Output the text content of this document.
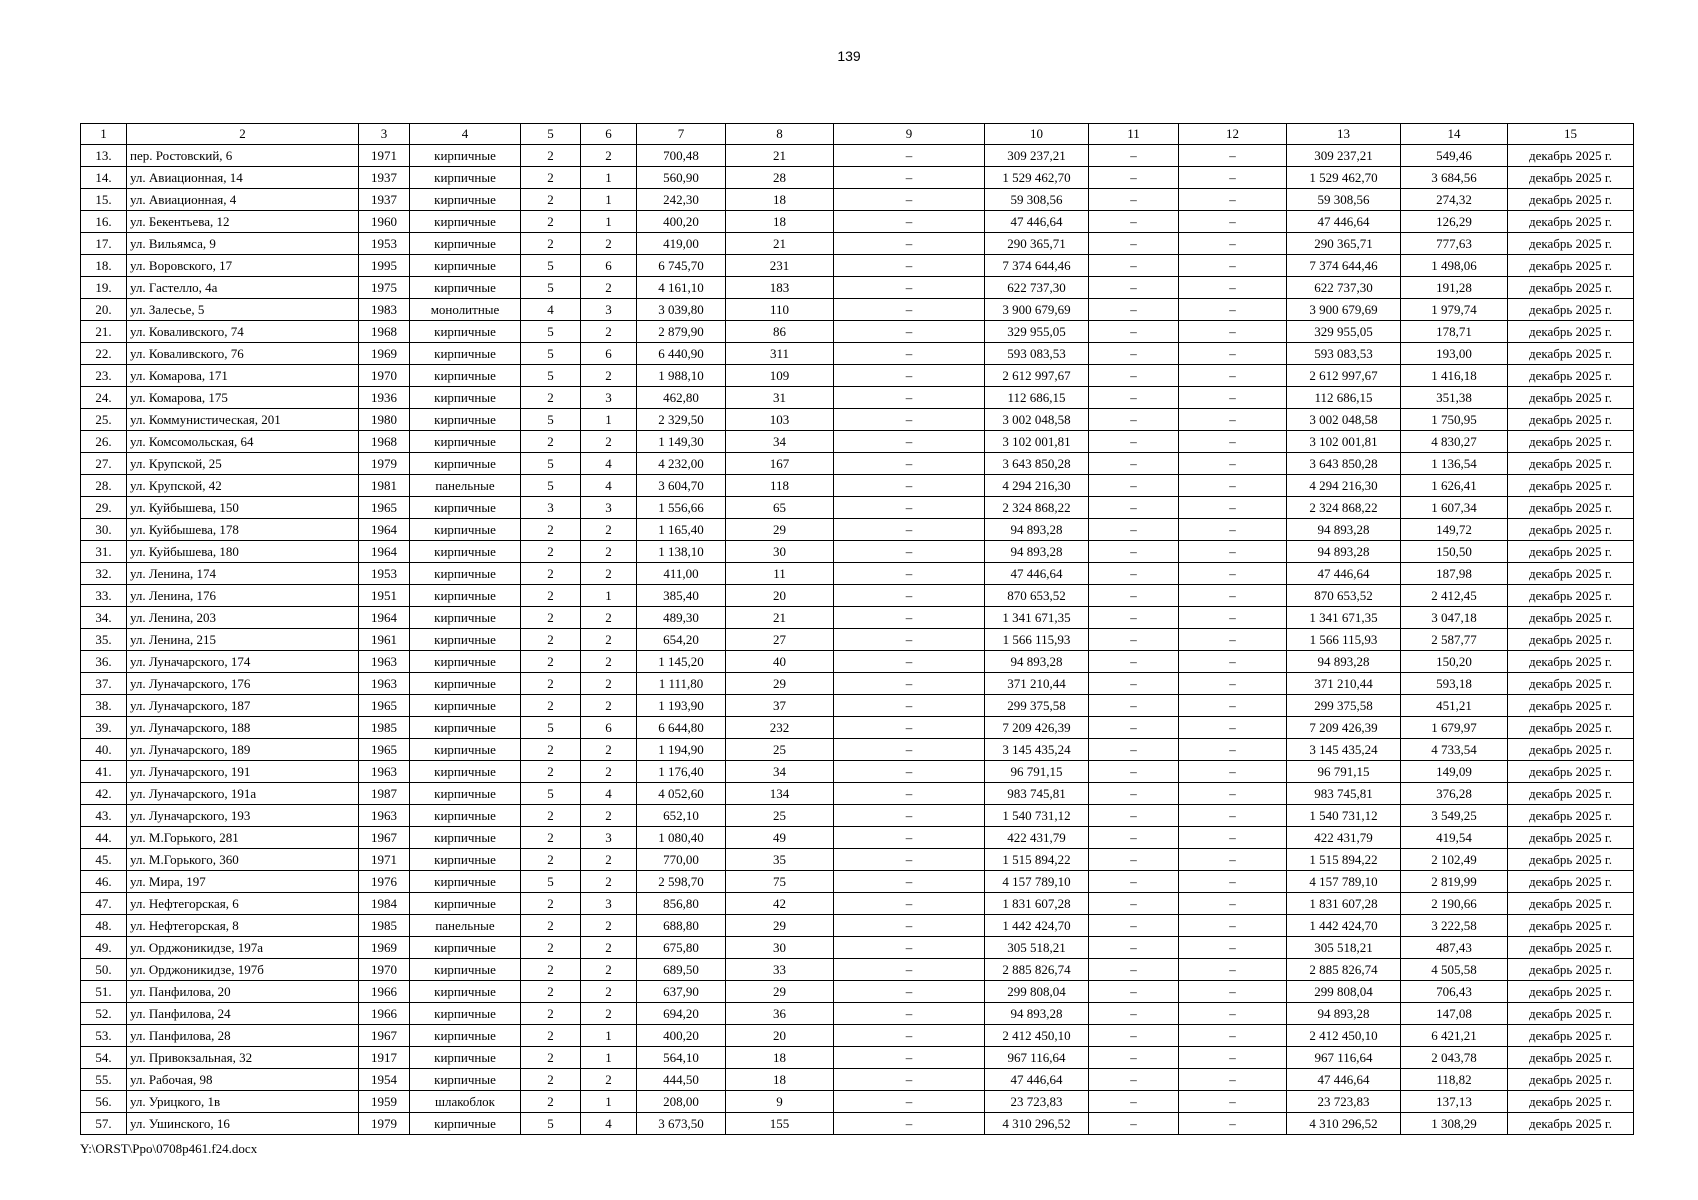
139
1	2	3	4	5	6	7	8	9	10	11	12	13	14	15
13.	пер. Ростовский, 6	1971	кирпичные	2	2	700,48	21	–	309 237,21	–	–	309 237,21	549,46	декабрь 2025 г.
14.	ул. Авиационная, 14	1937	кирпичные	2	1	560,90	28	–	1 529 462,70	–	–	1 529 462,70	3 684,56	декабрь 2025 г.
15.	ул. Авиационная, 4	1937	кирпичные	2	1	242,30	18	–	59 308,56	–	–	59 308,56	274,32	декабрь 2025 г.
16.	ул. Бекентьева, 12	1960	кирпичные	2	1	400,20	18	–	47 446,64	–	–	47 446,64	126,29	декабрь 2025 г.
17.	ул. Вильямса, 9	1953	кирпичные	2	2	419,00	21	–	290 365,71	–	–	290 365,71	777,63	декабрь 2025 г.
18.	ул. Воровского, 17	1995	кирпичные	5	6	6 745,70	231	–	7 374 644,46	–	–	7 374 644,46	1 498,06	декабрь 2025 г.
19.	ул. Гастелло, 4а	1975	кирпичные	5	2	4 161,10	183	–	622 737,30	–	–	622 737,30	191,28	декабрь 2025 г.
20.	ул. Залесье, 5	1983	монолитные	4	3	3 039,80	110	–	3 900 679,69	–	–	3 900 679,69	1 979,74	декабрь 2025 г.
21.	ул. Коваливского, 74	1968	кирпичные	5	2	2 879,90	86	–	329 955,05	–	–	329 955,05	178,71	декабрь 2025 г.
22.	ул. Коваливского, 76	1969	кирпичные	5	6	6 440,90	311	–	593 083,53	–	–	593 083,53	193,00	декабрь 2025 г.
23.	ул. Комарова, 171	1970	кирпичные	5	2	1 988,10	109	–	2 612 997,67	–	–	2 612 997,67	1 416,18	декабрь 2025 г.
24.	ул. Комарова, 175	1936	кирпичные	2	3	462,80	31	–	112 686,15	–	–	112 686,15	351,38	декабрь 2025 г.
25.	ул. Коммунистическая, 201	1980	кирпичные	5	1	2 329,50	103	–	3 002 048,58	–	–	3 002 048,58	1 750,95	декабрь 2025 г.
26.	ул. Комсомольская, 64	1968	кирпичные	2	2	1 149,30	34	–	3 102 001,81	–	–	3 102 001,81	4 830,27	декабрь 2025 г.
27.	ул. Крупской, 25	1979	кирпичные	5	4	4 232,00	167	–	3 643 850,28	–	–	3 643 850,28	1 136,54	декабрь 2025 г.
28.	ул. Крупской, 42	1981	панельные	5	4	3 604,70	118	–	4 294 216,30	–	–	4 294 216,30	1 626,41	декабрь 2025 г.
29.	ул. Куйбышева, 150	1965	кирпичные	3	3	1 556,66	65	–	2 324 868,22	–	–	2 324 868,22	1 607,34	декабрь 2025 г.
30.	ул. Куйбышева, 178	1964	кирпичные	2	2	1 165,40	29	–	94 893,28	–	–	94 893,28	149,72	декабрь 2025 г.
31.	ул. Куйбышева, 180	1964	кирпичные	2	2	1 138,10	30	–	94 893,28	–	–	94 893,28	150,50	декабрь 2025 г.
32.	ул. Ленина, 174	1953	кирпичные	2	2	411,00	11	–	47 446,64	–	–	47 446,64	187,98	декабрь 2025 г.
33.	ул. Ленина, 176	1951	кирпичные	2	1	385,40	20	–	870 653,52	–	–	870 653,52	2 412,45	декабрь 2025 г.
34.	ул. Ленина, 203	1964	кирпичные	2	2	489,30	21	–	1 341 671,35	–	–	1 341 671,35	3 047,18	декабрь 2025 г.
35.	ул. Ленина, 215	1961	кирпичные	2	2	654,20	27	–	1 566 115,93	–	–	1 566 115,93	2 587,77	декабрь 2025 г.
36.	ул. Луначарского, 174	1963	кирпичные	2	2	1 145,20	40	–	94 893,28	–	–	94 893,28	150,20	декабрь 2025 г.
37.	ул. Луначарского, 176	1963	кирпичные	2	2	1 111,80	29	–	371 210,44	–	–	371 210,44	593,18	декабрь 2025 г.
38.	ул. Луначарского, 187	1965	кирпичные	2	2	1 193,90	37	–	299 375,58	–	–	299 375,58	451,21	декабрь 2025 г.
39.	ул. Луначарского, 188	1985	кирпичные	5	6	6 644,80	232	–	7 209 426,39	–	–	7 209 426,39	1 679,97	декабрь 2025 г.
40.	ул. Луначарского, 189	1965	кирпичные	2	2	1 194,90	25	–	3 145 435,24	–	–	3 145 435,24	4 733,54	декабрь 2025 г.
41.	ул. Луначарского, 191	1963	кирпичные	2	2	1 176,40	34	–	96 791,15	–	–	96 791,15	149,09	декабрь 2025 г.
42.	ул. Луначарского, 191а	1987	кирпичные	5	4	4 052,60	134	–	983 745,81	–	–	983 745,81	376,28	декабрь 2025 г.
43.	ул. Луначарского, 193	1963	кирпичные	2	2	652,10	25	–	1 540 731,12	–	–	1 540 731,12	3 549,25	декабрь 2025 г.
44.	ул. М.Горького, 281	1967	кирпичные	2	3	1 080,40	49	–	422 431,79	–	–	422 431,79	419,54	декабрь 2025 г.
45.	ул. М.Горького, 360	1971	кирпичные	2	2	770,00	35	–	1 515 894,22	–	–	1 515 894,22	2 102,49	декабрь 2025 г.
46.	ул. Мира, 197	1976	кирпичные	5	2	2 598,70	75	–	4 157 789,10	–	–	4 157 789,10	2 819,99	декабрь 2025 г.
47.	ул. Нефтегорская, 6	1984	кирпичные	2	3	856,80	42	–	1 831 607,28	–	–	1 831 607,28	2 190,66	декабрь 2025 г.
48.	ул. Нефтегорская, 8	1985	панельные	2	2	688,80	29	–	1 442 424,70	–	–	1 442 424,70	3 222,58	декабрь 2025 г.
49.	ул. Орджоникидзе, 197а	1969	кирпичные	2	2	675,80	30	–	305 518,21	–	–	305 518,21	487,43	декабрь 2025 г.
50.	ул. Орджоникидзе, 197б	1970	кирпичные	2	2	689,50	33	–	2 885 826,74	–	–	2 885 826,74	4 505,58	декабрь 2025 г.
51.	ул. Панфилова, 20	1966	кирпичные	2	2	637,90	29	–	299 808,04	–	–	299 808,04	706,43	декабрь 2025 г.
52.	ул. Панфилова, 24	1966	кирпичные	2	2	694,20	36	–	94 893,28	–	–	94 893,28	147,08	декабрь 2025 г.
53.	ул. Панфилова, 28	1967	кирпичные	2	1	400,20	20	–	2 412 450,10	–	–	2 412 450,10	6 421,21	декабрь 2025 г.
54.	ул. Привокзальная, 32	1917	кирпичные	2	1	564,10	18	–	967 116,64	–	–	967 116,64	2 043,78	декабрь 2025 г.
55.	ул. Рабочая, 98	1954	кирпичные	2	2	444,50	18	–	47 446,64	–	–	47 446,64	118,82	декабрь 2025 г.
56.	ул. Урицкого, 1в	1959	шлакоблок	2	1	208,00	9	–	23 723,83	–	–	23 723,83	137,13	декабрь 2025 г.
57.	ул. Ушинского, 16	1979	кирпичные	5	4	3 673,50	155	–	4 310 296,52	–	–	4 310 296,52	1 308,29	декабрь 2025 г.
Y:\ORST\Ppo\0708p461.f24.docx
